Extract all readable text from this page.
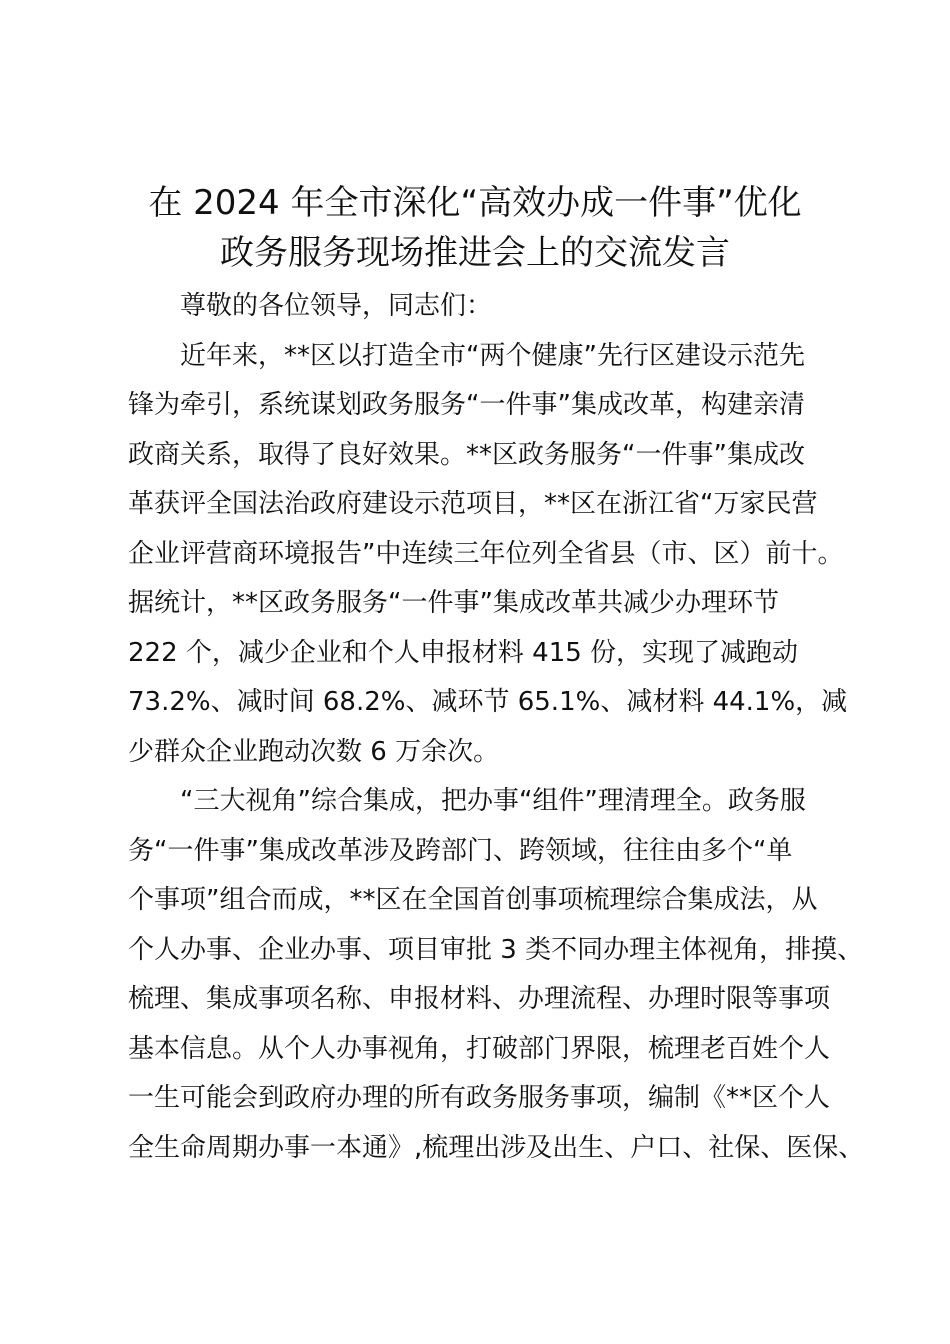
在 2024 年全市深化“高效办成一件事”优化
政务服务现场推进会上的交流发言
尊敬的各位领导，同志们：
近年来，**区以打造全市“两个健康”先行区建设示范先
锋为牵引，系统谋划政务服务“一件事”集成改革，构建亲清
政商关系，取得了良好效果。**区政务服务“一件事”集成改
革获评全国法治政府建设示范项目，**区在浙江省“万家民营
企业评营商环境报告”中连续三年位列全省县（市、区）前十。
据统计，**区政务服务“一件事”集成改革共减少办理环节
222 个，减少企业和个人申报材料 415 份，实现了减跑动
73.2%、减时间 68.2%、减环节 65.1%、减材料 44.1%，减
少群众企业跑动次数 6 万余次。
“三大视角”综合集成，把办事“组件”理清理全。政务服
务“一件事”集成改革涉及跨部门、跨领域，往往由多个“单
个事项”组合而成，**区在全国首创事项梳理综合集成法，从
个人办事、企业办事、项目审批 3 类不同办理主体视角，排摸、
梳理、集成事项名称、申报材料、办理流程、办理时限等事项
基本信息。从个人办事视角，打破部门界限，梳理老百姓个人
一生可能会到政府办理的所有政务服务事项，编制《**区个人
全生命周期办事一本通》,梳理出涉及出生、户口、社保、医保、
